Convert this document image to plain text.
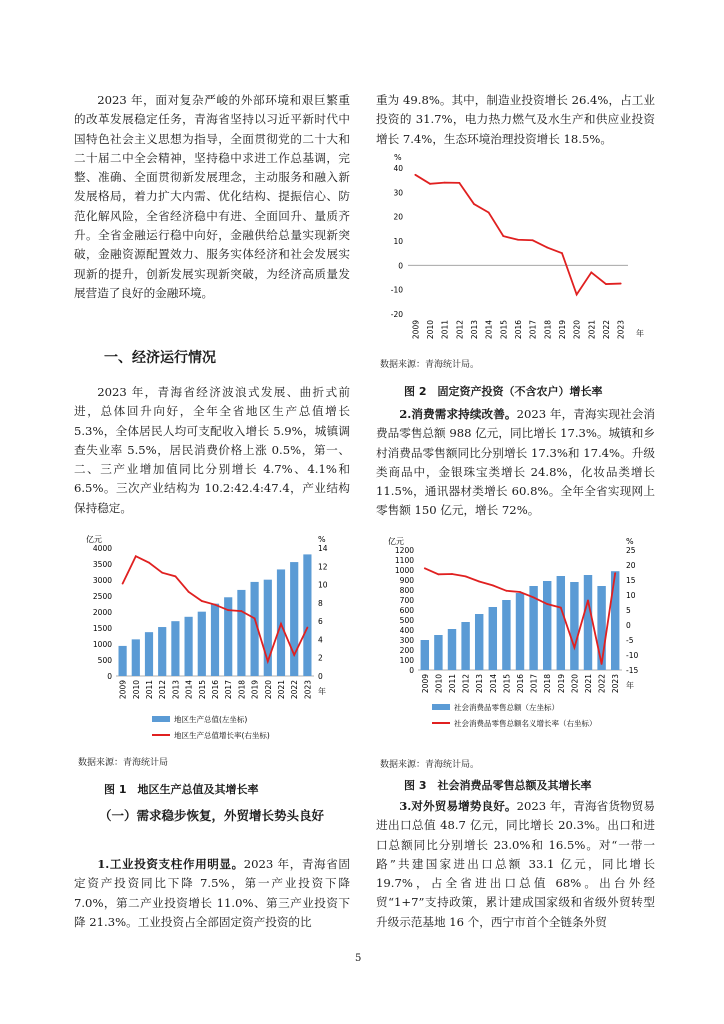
2023 年，面对复杂严峻的外部环境和艰巨繁重的改革发展稳定任务，青海省坚持以习近平新时代中国特色社会主义思想为指导，全面贯彻党的二十大和二十届二中全会精神，坚持稳中求进工作总基调，完整、准确、全面贯彻新发展理念，主动服务和融入新发展格局，着力扩大内需、优化结构、提振信心、防范化解风险，全省经济稳中有进、全面回升、量质齐升。全省金融运行稳中向好，金融供给总量实现新突破，金融资源配置效力、服务实体经济和社会发展实现新的提升，创新发展实现新突破，为经济高质量发展营造了良好的金融环境。

一、经济运行情况

2023 年，青海省经济波浪式发展、曲折式前进，总体回升向好，全年全省地区生产总值增长 5.3%，全体居民人均可支配收入增长 5.9%，城镇调查失业率 5.5%，居民消费价格上涨 0.5%，第一、二、三产业增加值同比分别增长 4.7%、4.1%和 6.5%。三次产业结构为 10.2:42.4:47.4，产业结构保持稳定。

亿元	%
0
500
1000
1500
2000
2500
3000
3500
4000
0
2
4
6
8
10
12
14
2009 2010 2011 2012 2013 2014 2015 2016 2017 2018 2019 2020 2021 2022 2023 年
地区生产总值(左坐标)
地区生产总值增长率(右坐标)
数据来源：青海统计局
图 1　地区生产总值及其增长率
（一）需求稳步恢复，外贸增长势头良好

1.工业投资支柱作用明显。2023 年，青海省固定资产投资同比下降 7.5%，第一产业投资下降 7.0%，第二产业投资增长 11.0%、第三产业投资下降 21.3%。工业投资占全部固定资产投资的比

重为 49.8%。其中，制造业投资增长 26.4%，占工业投资的 31.7%，电力热力燃气及水生产和供应业投资增长 7.4%，生态环境治理投资增长 18.5%。

%
-20
-10
0
10
20
30
40
2009 2010 2011 2012 2013 2014 2015 2016 2017 2018 2019 2020 2021 2022 2023 年
数据来源：青海统计局。
图 2　固定资产投资（不含农户）增长率

2.消费需求持续改善。2023 年，青海实现社会消费品零售总额 988 亿元，同比增长 17.3%。城镇和乡村消费品零售额同比分别增长 17.3%和 17.4%。升级类商品中，金银珠宝类增长 24.8%，化妆品类增长 11.5%，通讯器材类增长 60.8%。全年全省实现网上零售额 150 亿元，增长 72%。

亿元	%
0
100
200
300
400
500
600
700
800
900
1000
1100
1200
-15
-10
-5
0
5
10
15
20
25
2009 2010 2011 2012 2013 2014 2015 2016 2017 2018 2019 2020 2021 2022 2023 年
社会消费品零售总额（左坐标）
社会消费品零售总额名义增长率（右坐标）
数据来源：青海统计局。
图 3　社会消费品零售总额及其增长率

3.对外贸易增势良好。2023 年，青海省货物贸易进出口总值 48.7 亿元，同比增长 20.3%。出口和进口总额同比分别增长 23.0%和 16.5%。对“一带一路”共建国家进出口总额 33.1 亿元，同比增长 19.7%，占全省进出口总值 68%。出台外经贸“1+7”支持政策，累计建成国家级和省级外贸转型升级示范基地 16 个，西宁市首个全链条外贸

5
